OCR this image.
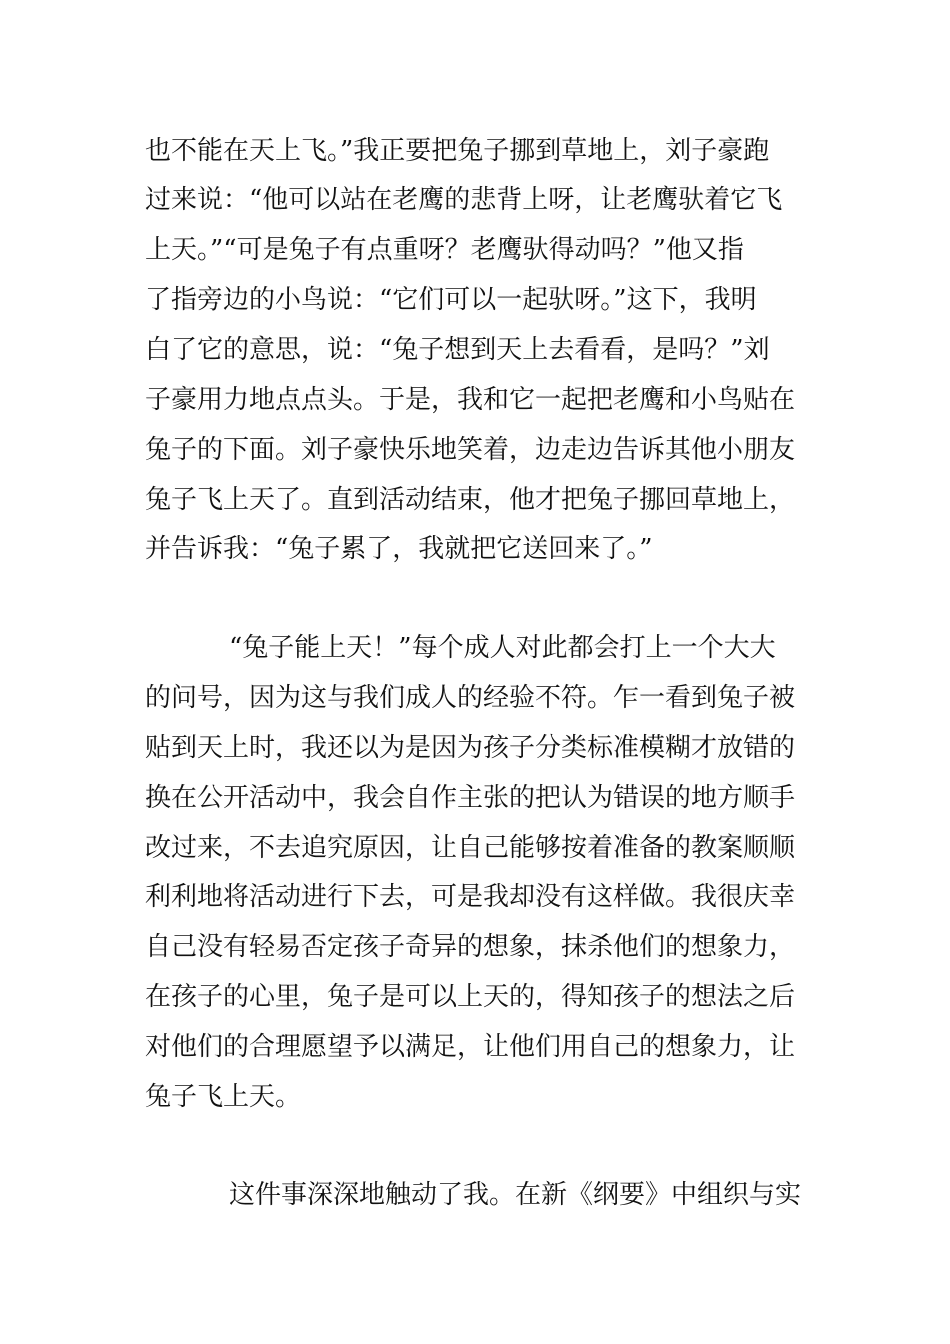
也不能在天上飞。”我正要把兔子挪到草地上，刘子豪跑
过来说：“他可以站在老鹰的悲背上呀，让老鹰驮着它飞
上天。”“可是兔子有点重呀？老鹰驮得动吗？”他又指
了指旁边的小鸟说：“它们可以一起驮呀。”这下，我明
白了它的意思，说：“兔子想到天上去看看，是吗？”刘
子豪用力地点点头。于是，我和它一起把老鹰和小鸟贴在
兔子的下面。刘子豪快乐地笑着，边走边告诉其他小朋友
兔子飞上天了。直到活动结束，他才把兔子挪回草地上，
并告诉我：“兔子累了，我就把它送回来了。”
“兔子能上天！”每个成人对此都会打上一个大大
的问号，因为这与我们成人的经验不符。乍一看到兔子被
贴到天上时，我还以为是因为孩子分类标准模糊才放错的
换在公开活动中，我会自作主张的把认为错误的地方顺手
改过来，不去追究原因，让自己能够按着准备的教案顺顺
利利地将活动进行下去，可是我却没有这样做。我很庆幸
自己没有轻易否定孩子奇异的想象，抹杀他们的想象力，
在孩子的心里，兔子是可以上天的，得知孩子的想法之后
对他们的合理愿望予以满足，让他们用自己的想象力，让
兔子飞上天。
这件事深深地触动了我。在新《纲要》中组织与实
